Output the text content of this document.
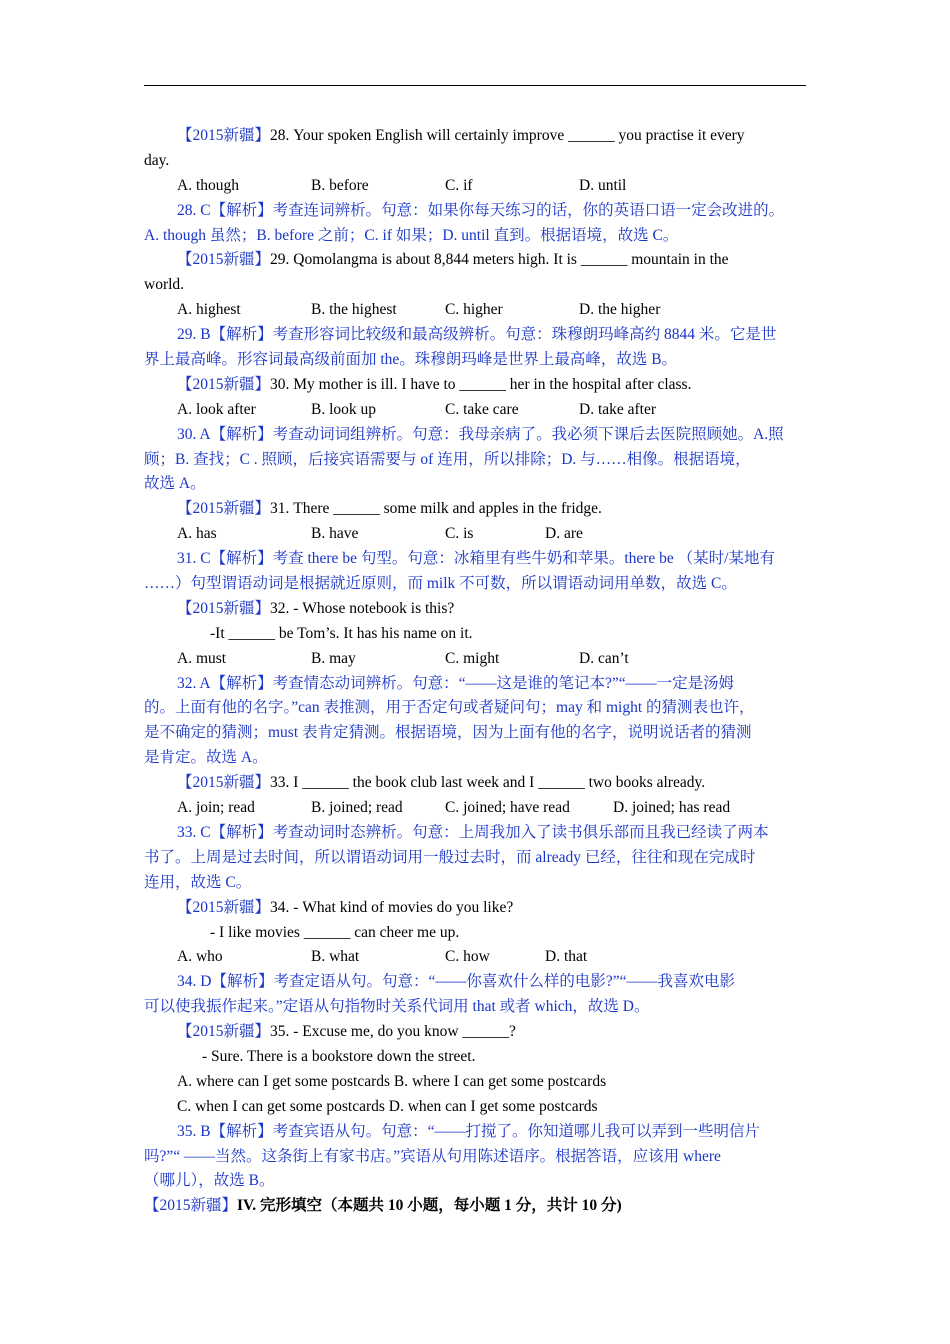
【2015新疆】28. Your spoken English will certainly improve ______ you practise it every
day.
A. though	B. before	C. if	D. until
28. C【解析】考查连词辨析。句意：如果你每天练习的话，你的英语口语一定会改进的。
A. though 虽然；B. before 之前；C. if 如果；D. until 直到。根据语境，故选 C。
【2015新疆】29. Qomolangma is about 8,844 meters high. It is ______ mountain in the
world.
A. highest	B. the highest	C. higher	D. the higher
29. B【解析】考查形容词比较级和最高级辨析。句意：珠穆朗玛峰高约 8844 米。它是世
界上最高峰。形容词最高级前面加 the。珠穆朗玛峰是世界上最高峰，故选 B。
【2015新疆】30. My mother is ill. I have to ______ her in the hospital after class.
A. look after	B. look up	C. take care	D. take after
30. A【解析】考查动词词组辨析。句意：我母亲病了。我必须下课后去医院照顾她。A.照
顾；B. 查找；C . 照顾，后接宾语需要与 of 连用，所以排除；D. 与……相像。根据语境，
故选 A。
【2015新疆】31. There ______ some milk and apples in the fridge.
A. has	B. have	C. is	D. are
31. C【解析】考查 there be 句型。句意：冰箱里有些牛奶和苹果。there be （某时/某地有
……）句型谓语动词是根据就近原则，而 milk 不可数，所以谓语动词用单数，故选 C。
【2015新疆】32. - Whose notebook is this?
-It ______ be Tom’s. It has his name on it.
A. must	B. may	C. might	D. can’t
32. A【解析】考查情态动词辨析。句意：“——这是谁的笔记本?”“——一定是汤姆
的。上面有他的名字。”can 表推测，用于否定句或者疑问句；may 和 might 的猜测表也许，
是不确定的猜测；must 表肯定猜测。根据语境，因为上面有他的名字，说明说话者的猜测
是肯定。故选 A。
【2015新疆】33. I ______ the book club last week and I ______ two books already.
A. join; read	B. joined; read	C. joined; have read	D. joined; has read
33. C【解析】考查动词时态辨析。句意：上周我加入了读书俱乐部而且我已经读了两本
书了。上周是过去时间，所以谓语动词用一般过去时，而 already 已经，往往和现在完成时
连用，故选 C。
【2015新疆】34. - What kind of movies do you like?
- I like movies ______ can cheer me up.
A. who	B. what	C. how	D. that
34. D【解析】考查定语从句。句意：“——你喜欢什么样的电影?”“——我喜欢电影
可以使我振作起来。”定语从句指物时关系代词用 that 或者 which，故选 D。
【2015新疆】35. - Excuse me, do you know ______?
- Sure. There is a bookstore down the street.
A. where can I get some postcards B. where I can get some postcards
C. when I can get some postcards D. when can I get some postcards
35. B【解析】考查宾语从句。句意：“——打搅了。你知道哪儿我可以弄到一些明信片
吗?”“ ——当然。这条街上有家书店。”宾语从句用陈述语序。根据答语，应该用 where
（哪儿），故选 B。
【2015新疆】IV. 完形填空（本题共 10 小题，每小题 1 分，共计 10 分)
